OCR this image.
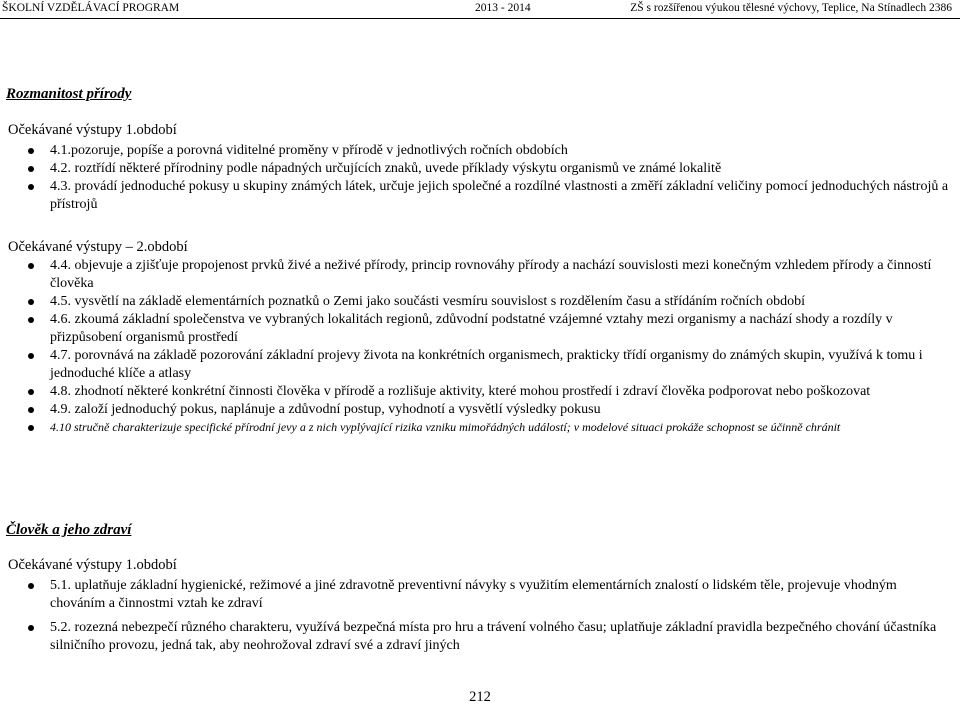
ŠKOLNÍ VZDĚLÁVACÍ PROGRAM	2013 - 2014	ZŠ s rozšířenou výukou tělesné výchovy, Teplice, Na Stínadlech 2386
Rozmanitost přírody
Očekávané výstupy 1.období
4.1.pozoruje, popíše a porovná viditelné proměny v přírodě v jednotlivých ročních obdobích
4.2. roztřídí některé přírodniny podle nápadných určujících znaků, uvede příklady výskytu organismů ve známé lokalitě
4.3. provádí jednoduché pokusy u skupiny známých látek, určuje jejich společné a rozdílné vlastnosti a změří základní veličiny pomocí jednoduchých nástrojů a přístrojů
Očekávané výstupy – 2.období
4.4. objevuje a zjišťuje propojenost prvků živé a neživé přírody, princip rovnováhy přírody a nachází souvislosti mezi konečným vzhledem přírody a činností člověka
4.5. vysvětlí na základě elementárních poznatků o Zemi jako součásti vesmíru souvislost s rozdělením času a střídáním ročních období
4.6. zkoumá základní společenstva ve vybraných lokalitách regionů, zdůvodní podstatné vzájemné vztahy mezi organismy a nachází shody a rozdíly v přizpůsobení organismů prostředí
4.7. porovnává na základě pozorování základní projevy života na konkrétních organismech, prakticky třídí organismy do známých skupin, využívá k tomu i jednoduché klíče a atlasy
4.8. zhodnotí některé konkrétní činnosti člověka v přírodě a rozlišuje aktivity, které mohou prostředí i zdraví člověka podporovat nebo poškozovat
4.9. založí jednoduchý pokus, naplánuje a zdůvodní postup, vyhodnotí a vysvětlí výsledky pokusu
4.10 stručně charakterizuje specifické přírodní jevy a z nich vyplývající rizika vzniku mimořádných událostí; v modelové situaci prokáže schopnost se účinně chránit
Člověk a jeho zdraví
Očekávané výstupy 1.období
5.1. uplatňuje základní hygienické, režimové a jiné zdravotně preventivní návyky s využitím elementárních znalostí o lidském těle, projevuje vhodným chováním a činnostmi vztah ke zdraví
5.2. rozezná nebezpečí různého charakteru, využívá bezpečná místa pro hru a trávení volného času; uplatňuje základní pravidla bezpečného chování účastníka silničního provozu, jedná tak, aby neohrožoval zdraví své a zdraví jiných
212
